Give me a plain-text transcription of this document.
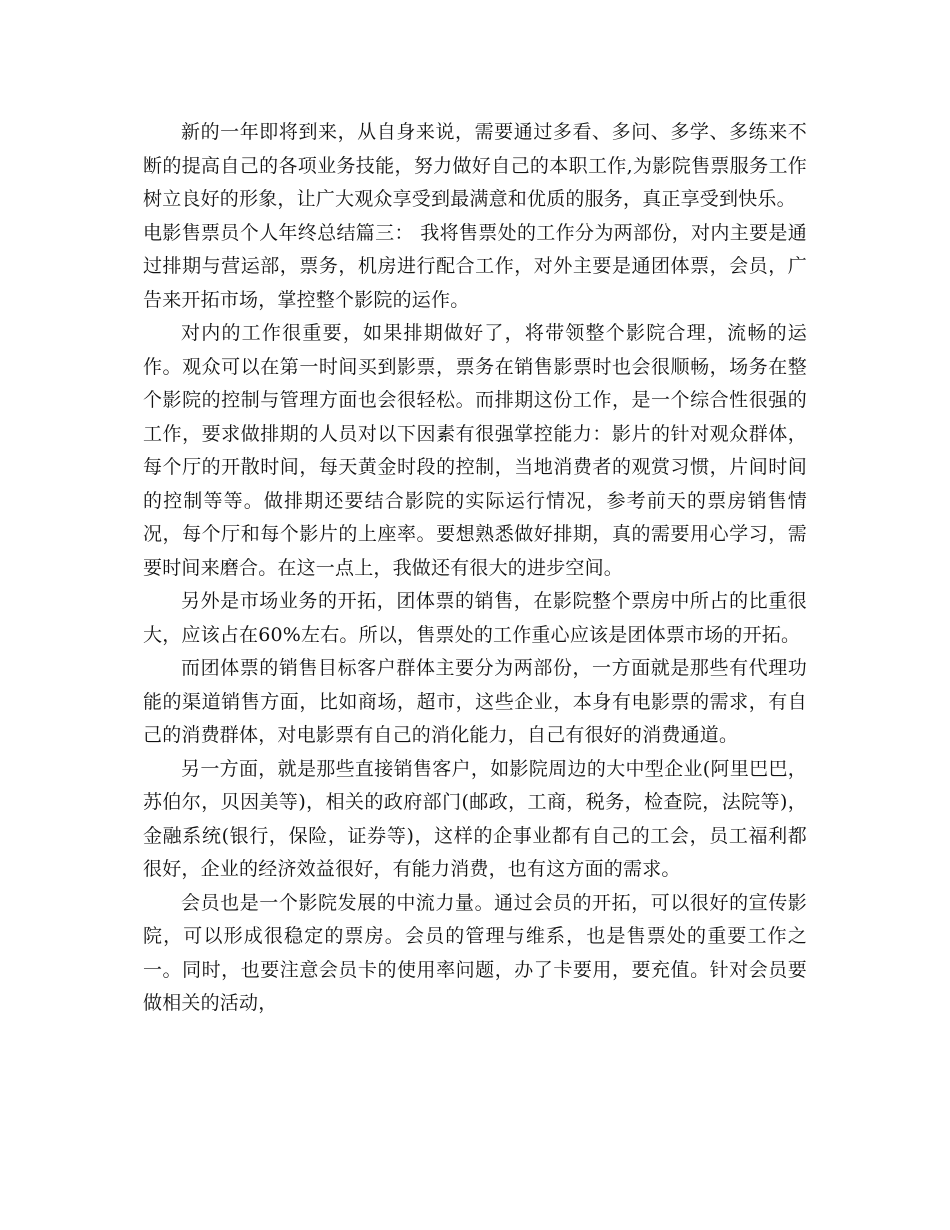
新的一年即将到来，从自身来说，需要通过多看、多问、多学、多练来不断的提高自己的各项业务技能，努力做好自己的本职工作,为影院售票服务工作树立良好的形象，让广大观众享受到最满意和优质的服务，真正享受到快乐。

电影售票员个人年终总结篇三： 我将售票处的工作分为两部份，对内主要是通过排期与营运部，票务，机房进行配合工作，对外主要是通团体票，会员，广告来开拓市场，掌控整个影院的运作。

对内的工作很重要，如果排期做好了，将带领整个影院合理，流畅的运作。观众可以在第一时间买到影票，票务在销售影票时也会很顺畅，场务在整个影院的控制与管理方面也会很轻松。而排期这份工作，是一个综合性很强的工作，要求做排期的人员对以下因素有很强掌控能力：影片的针对观众群体，每个厅的开散时间，每天黄金时段的控制，当地消费者的观赏习惯，片间时间的控制等等。做排期还要结合影院的实际运行情况，参考前天的票房销售情况，每个厅和每个影片的上座率。要想熟悉做好排期，真的需要用心学习，需要时间来磨合。在这一点上，我做还有很大的进步空间。

另外是市场业务的开拓，团体票的销售，在影院整个票房中所占的比重很大，应该占在60%左右。所以，售票处的工作重心应该是团体票市场的开拓。

而团体票的销售目标客户群体主要分为两部份，一方面就是那些有代理功能的渠道销售方面，比如商场，超市，这些企业，本身有电影票的需求，有自己的消费群体，对电影票有自己的消化能力，自己有很好的消费通道。

另一方面，就是那些直接销售客户，如影院周边的大中型企业(阿里巴巴，苏伯尔，贝因美等)，相关的政府部门(邮政，工商，税务，检查院，法院等)，金融系统(银行，保险，证券等)，这样的企事业都有自己的工会，员工福利都很好，企业的经济效益很好，有能力消费，也有这方面的需求。

会员也是一个影院发展的中流力量。通过会员的开拓，可以很好的宣传影院，可以形成很稳定的票房。会员的管理与维系，也是售票处的重要工作之一。同时，也要注意会员卡的使用率问题，办了卡要用，要充值。针对会员要做相关的活动，
